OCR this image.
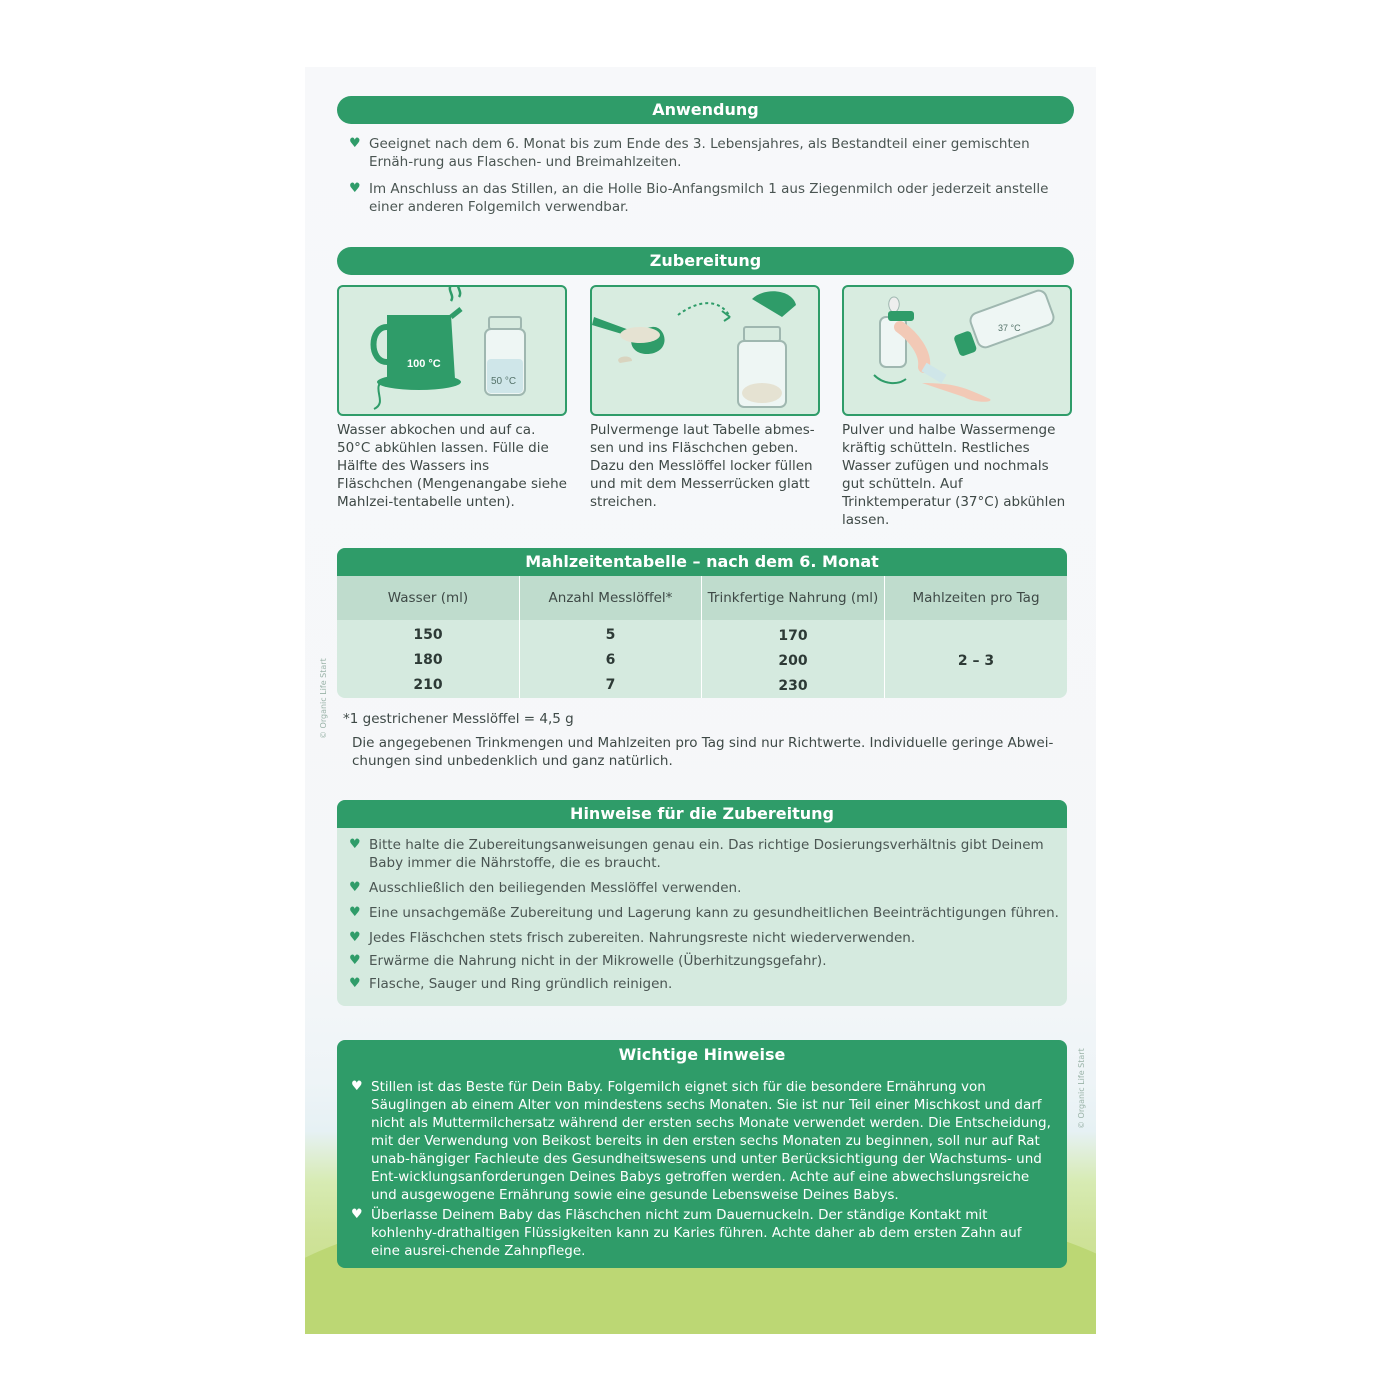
Anwendung
♥ Geeignet nach dem 6. Monat bis zum Ende des 3. Lebensjahres, als Bestandteil einer gemischten Ernäh-rung aus Flaschen- und Breimahlzeiten.
♥ Im Anschluss an das Stillen, an die Holle Bio-Anfangsmilch 1 aus Ziegenmilch oder jederzeit anstelle einer anderen Folgemilch verwendbar.
Zubereitung
100 °C
50 °C
37 °C
Wasser abkochen und auf ca. 50°C abkühlen lassen. Fülle die Hälfte des Wassers ins Fläschchen (Mengenangabe siehe Mahlzei-tentabelle unten).
Pulvermenge laut Tabelle abmes-sen und ins Fläschchen geben. Dazu den Messlöffel locker füllen und mit dem Messerrücken glatt streichen.
Pulver und halbe Wassermenge kräftig schütteln. Restliches Wasser zufügen und nochmals gut schütteln. Auf Trinktemperatur (37°C) abkühlen lassen.
Mahlzeitentabelle – nach dem 6. Monat
Wasser (ml)	Anzahl Messlöffel*	Trinkfertige Nahrung (ml)	Mahlzeiten pro Tag
150	5	170
180	6	200
210	7	230
2 – 3
*1 gestrichener Messlöffel = 4,5 g
Die angegebenen Trinkmengen und Mahlzeiten pro Tag sind nur Richtwerte. Individuelle geringe Abwei-chungen sind unbedenklich und ganz natürlich.
Hinweise für die Zubereitung
♥ Bitte halte die Zubereitungsanweisungen genau ein. Das richtige Dosierungsverhältnis gibt Deinem Baby immer die Nährstoffe, die es braucht.
♥ Ausschließlich den beiliegenden Messlöffel verwenden.
♥ Eine unsachgemäße Zubereitung und Lagerung kann zu gesundheitlichen Beeinträchtigungen führen.
♥ Jedes Fläschchen stets frisch zubereiten. Nahrungsreste nicht wiederverwenden.
♥ Erwärme die Nahrung nicht in der Mikrowelle (Überhitzungsgefahr).
♥ Flasche, Sauger und Ring gründlich reinigen.
Wichtige Hinweise
♥ Stillen ist das Beste für Dein Baby. Folgemilch eignet sich für die besondere Ernährung von Säuglingen ab einem Alter von mindestens sechs Monaten. Sie ist nur Teil einer Mischkost und darf nicht als Muttermilchersatz während der ersten sechs Monate verwendet werden. Die Entscheidung, mit der Verwendung von Beikost bereits in den ersten sechs Monaten zu beginnen, soll nur auf Rat unab-hängiger Fachleute des Gesundheitswesens und unter Berücksichtigung der Wachstums- und Ent-wicklungsanforderungen Deines Babys getroffen werden. Achte auf eine abwechslungsreiche und ausgewogene Ernährung sowie eine gesunde Lebensweise Deines Babys.
♥ Überlasse Deinem Baby das Fläschchen nicht zum Dauernuckeln. Der ständige Kontakt mit kohlenhy-drathaltigen Flüssigkeiten kann zu Karies führen. Achte daher ab dem ersten Zahn auf eine ausrei-chende Zahnpflege.
© Organic Life Start
© Organic Life Start
